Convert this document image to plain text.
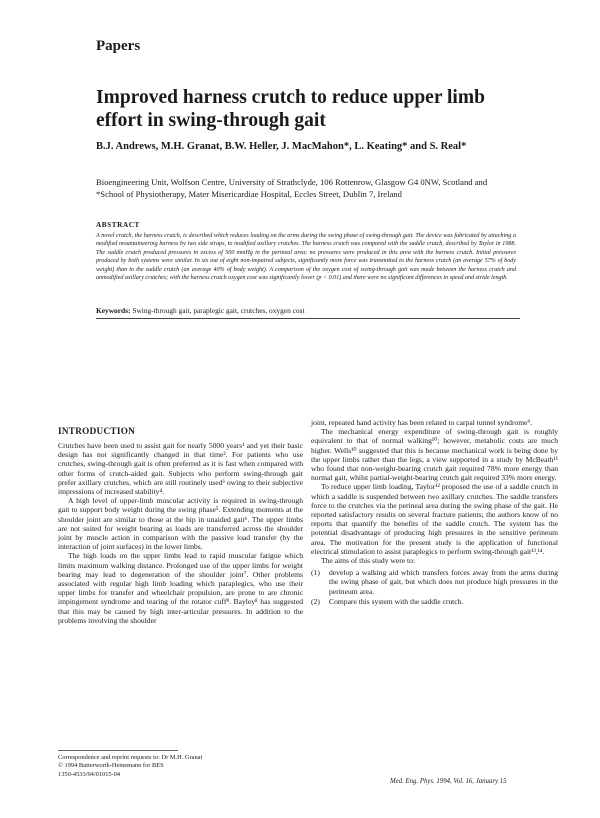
Papers
Improved harness crutch to reduce upper limb effort in swing-through gait
B.J. Andrews, M.H. Granat, B.W. Heller, J. MacMahon*, L. Keating* and S. Real*
Bioengineering Unit, Wolfson Centre, University of Strathclyde, 106 Rottenrow, Glasgow G4 0NW, Scotland and *School of Physiotherapy, Mater Misericardiae Hospital, Eccles Street, Dublin 7, Ireland
ABSTRACT
A novel crutch, the harness crutch, is described which reduces loading on the arms during the swing phase of swing-through gait. The device was fabricated by attaching a modified mountaineering harness by two side straps, to modified axillary crutches. The harness crutch was compared with the saddle crutch, described by Taylor in 1988. The saddle crutch produced pressures in excess of 500 mmHg in the perineal area; no pressures were produced in this area with the harness crutch. Initial pressures produced by both systems were similar. In six out of eight non-impaired subjects, significantly more force was transmitted to the harness crutch (an average 57% of body weight) than to the saddle crutch (an average 40% of body weight). A comparison of the oxygen cost of swing-through gait was made between the harness crutch and unmodified axillary crutches; with the harness crutch oxygen cost was significantly lower (p < 0.01) and there were no significant differences in speed and stride length.
Keywords: Swing-through gait, paraplegic gait, crutches, oxygen cost
INTRODUCTION

Crutches have been used to assist gait for nearly 5000 years¹ and yet their basic design has not significantly changed in that time². For patients who use crutches, swing-through gait is often preferred as it is fast when compared with other forms of crutch-aided gait. Subjects who perform swing-through gait prefer axillary crutches, which are still routinely used³ owing to their subjective impressions of increased stability⁴.

A high level of upper-limb muscular activity is required in swing-through gait to support body weight during the swing phase⁵. Extending moments at the shoulder joint are similar to those at the hip in unaided gait⁶. The upper limbs are not suited for weight bearing as loads are transferred across the shoulder joint by muscle action in comparison with the passive load transfer (by the interaction of joint surfaces) in the lower limbs.

The high loads on the upper limbs lead to rapid muscular fatigue which limits maximum walking distance. Prolonged use of the upper limbs for weight bearing may lead to degeneration of the shoulder joint⁷. Other problems associated with regular high limb loading which paraplegics, who use their upper limbs for transfer and wheelchair propulsion, are prone to are chronic impingement syndrome and tearing of the rotator cuff⁸. Bayley⁸ has suggested that this may be caused by high inter-articular pressures. In addition to the problems involving the shoulder

joint, repeated hand activity has been related to carpal tunnel syndrome⁹.

The mechanical energy expenditure of swing-through gait is roughly equivalent to that of normal walking¹⁰; however, metabolic costs are much higher. Wells¹⁰ suggested that this is because mechanical work is being done by the upper limbs rather than the legs, a view supported in a study by McBeath¹¹ who found that non-weight-bearing crutch gait required 78% more energy than normal gait, whilst partial-weight-bearing crutch gait required 33% more energy.

To reduce upper limb loading, Taylor¹² proposed the use of a saddle crutch in which a saddle is suspended between two axillary crutches. The saddle transfers force to the crutches via the perineal area during the swing phase of the gait. He reported satisfactory results on several fracture patients; the authors know of no reports that quantify the benefits of the saddle crutch. The system has the potential disadvantage of producing high pressures in the sensitive perineum area. The motivation for the present study is the application of functional electrical stimulation to assist paraplegics to perform swing-through gait¹³,¹⁴.

The aims of this study were to:

(1) develop a walking aid which transfers forces away from the arms during the swing phase of gait, but which does not produce high pressures in the perineum area.
(2) Compare this system with the saddle crutch.
Correspondence and reprint requests to: Dr M.H. Granat
© 1994 Butterworth-Heinemann for BES
1350-4533/94/01015-04
Med. Eng. Phys. 1994, Vol. 16, January 15
